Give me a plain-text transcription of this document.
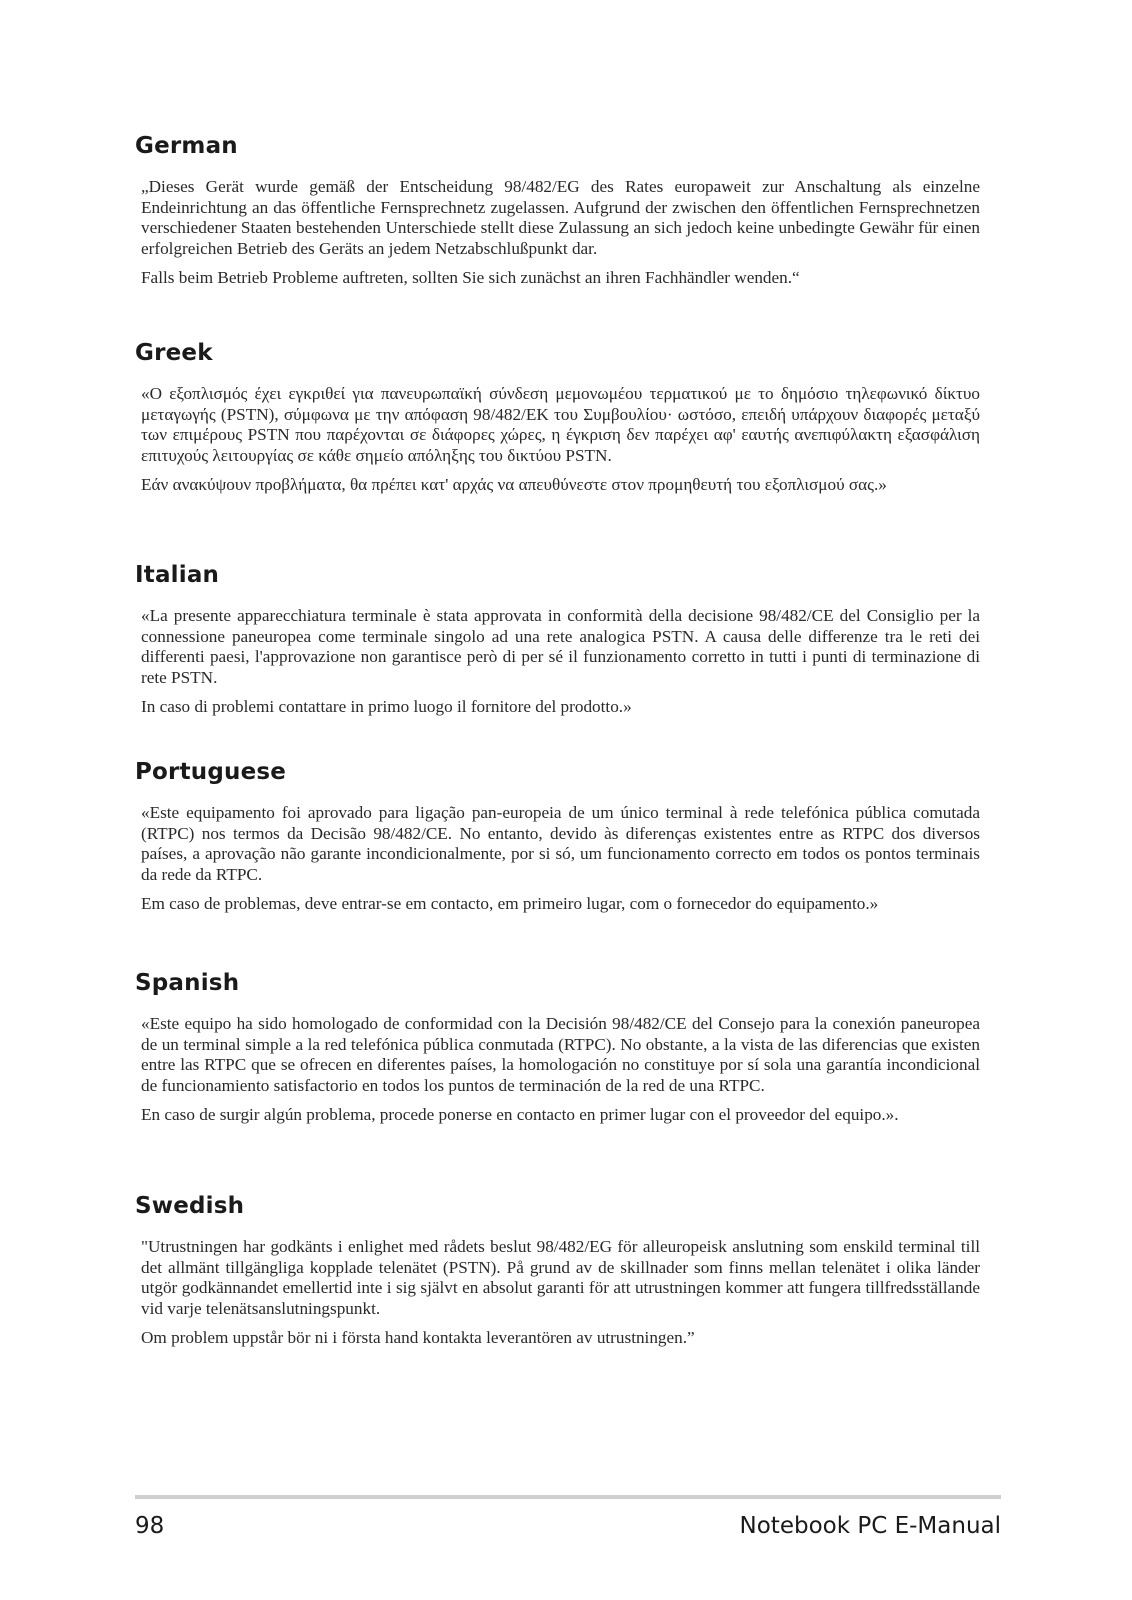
German

„Dieses Gerät wurde gemäß der Entscheidung 98/482/EG des Rates europaweit zur Anschaltung als einzelne Endeinrichtung an das öffentliche Fernsprechnetz zugelassen. Aufgrund der zwischen den öffentlichen Fernsprechnetzen verschiedener Staaten bestehenden Unterschiede stellt diese Zulassung an sich jedoch keine unbedingte Gewähr für einen erfolgreichen Betrieb des Geräts an jedem Netzabschlußpunkt dar.

Falls beim Betrieb Probleme auftreten, sollten Sie sich zunächst an ihren Fachhändler wenden.“

Greek

«Ο εξοπλισμός έχει εγκριθεί για πανευρωπαϊκή σύνδεση μεμονωμέου τερματικού με το δημόσιο τηλεφωνικό δίκτυο μεταγωγής (PSTN), σύμφωνα με την απόφαση 98/482/ΕΚ του Συμβουλίου· ωστόσο, επειδή υπάρχουν διαφορές μεταξύ των επιμέρους PSTN που παρέχονται σε διάφορες χώρες, η έγκριση δεν παρέχει αφ' εαυτής ανεπιφύλακτη εξασφάλιση επιτυχούς λειτουργίας σε κάθε σημείο απόληξης του δικτύου PSTN.

Εάν ανακύψουν προβλήματα, θα πρέπει κατ' αρχάς να απευθύνεστε στον προμηθευτή του εξοπλισμού σας.»

Italian

«La presente apparecchiatura terminale è stata approvata in conformità della decisione 98/482/CE del Consiglio per la connessione paneuropea come terminale singolo ad una rete analogica PSTN. A causa delle differenze tra le reti dei differenti paesi, l'approvazione non garantisce però di per sé il funzionamento corretto in tutti i punti di terminazione di rete PSTN.

In caso di problemi contattare in primo luogo il fornitore del prodotto.»

Portuguese

«Este equipamento foi aprovado para ligação pan-europeia de um único terminal à rede telefónica pública comutada (RTPC) nos termos da Decisão 98/482/CE. No entanto, devido às diferenças existentes entre as RTPC dos diversos países, a aprovação não garante incondicionalmente, por si só, um funcionamento correcto em todos os pontos terminais da rede da RTPC.

Em caso de problemas, deve entrar-se em contacto, em primeiro lugar, com o fornecedor do equipamento.»

Spanish

«Este equipo ha sido homologado de conformidad con la Decisión 98/482/CE del Consejo para la conexión paneuropea de un terminal simple a la red telefónica pública conmutada (RTPC). No obstante, a la vista de las diferencias que existen entre las RTPC que se ofrecen en diferentes países, la homologación no constituye por sí sola una garantía incondicional de funcionamiento satisfactorio en todos los puntos de terminación de la red de una RTPC.

En caso de surgir algún problema, procede ponerse en contacto en primer lugar con el proveedor del equipo.».

Swedish

"Utrustningen har godkänts i enlighet med rådets beslut 98/482/EG för alleuropeisk anslutning som enskild terminal till det allmänt tillgängliga kopplade telenätet (PSTN). På grund av de skillnader som finns mellan telenätet i olika länder utgör godkännandet emellertid inte i sig självt en absolut garanti för att utrustningen kommer att fungera tillfredsställande vid varje telenätsanslutningspunkt.

Om problem uppstår bör ni i första hand kontakta leverantören av utrustningen.”

98	Notebook PC E-Manual
